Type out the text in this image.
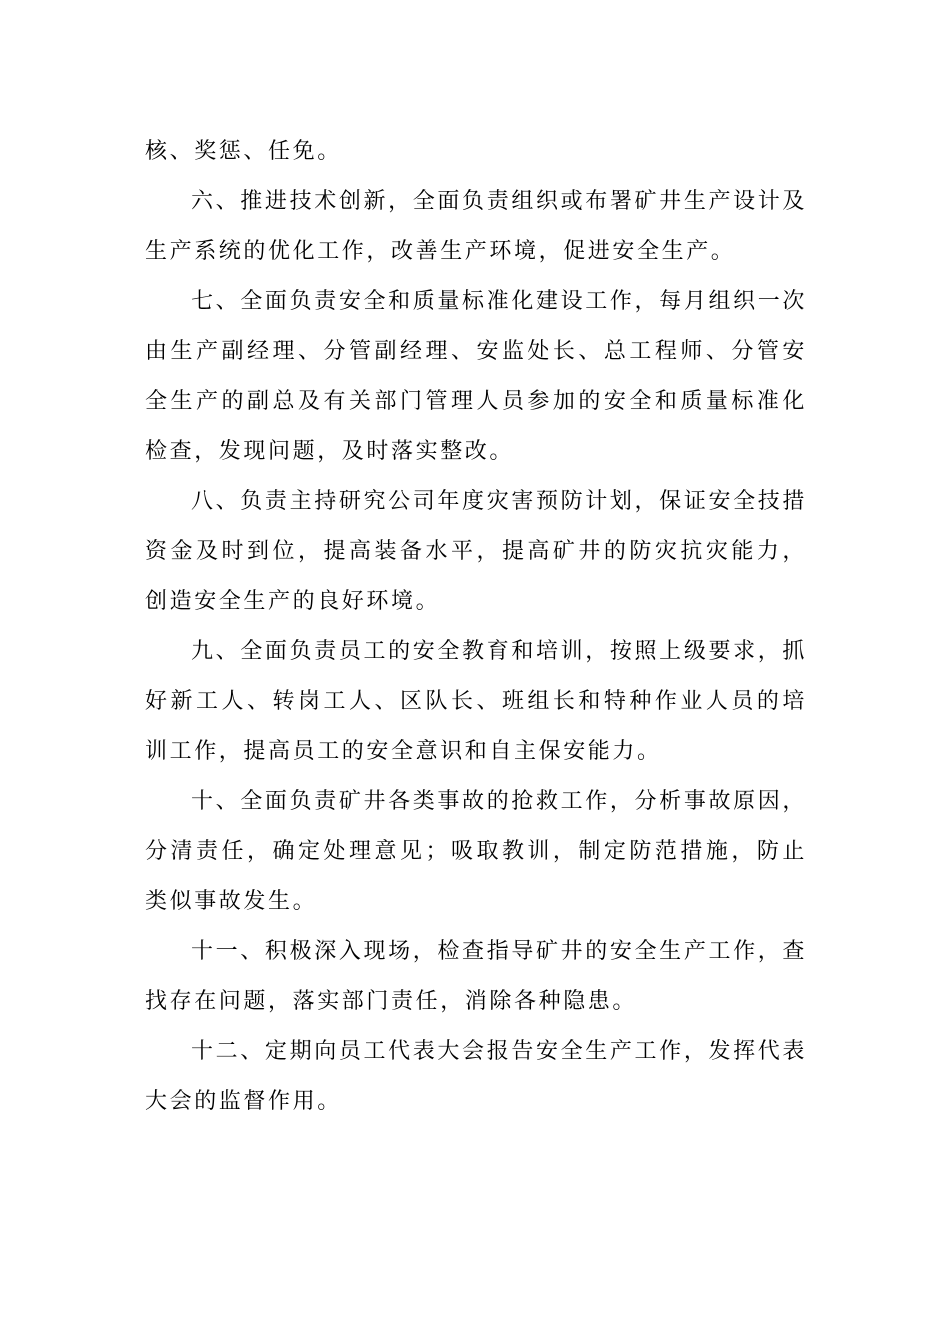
核、奖惩、任免。

六、推进技术创新，全面负责组织或布署矿井生产设计及生产系统的优化工作，改善生产环境，促进安全生产。

七、全面负责安全和质量标准化建设工作，每月组织一次由生产副经理、分管副经理、安监处长、总工程师、分管安全生产的副总及有关部门管理人员参加的安全和质量标准化检查，发现问题，及时落实整改。

八、负责主持研究公司年度灾害预防计划，保证安全技措资金及时到位，提高装备水平，提高矿井的防灾抗灾能力，创造安全生产的良好环境。

九、全面负责员工的安全教育和培训，按照上级要求，抓好新工人、转岗工人、区队长、班组长和特种作业人员的培训工作，提高员工的安全意识和自主保安能力。

十、全面负责矿井各类事故的抢救工作，分析事故原因，分清责任，确定处理意见；吸取教训，制定防范措施，防止类似事故发生。

十一、积极深入现场，检查指导矿井的安全生产工作，查找存在问题，落实部门责任，消除各种隐患。

十二、定期向员工代表大会报告安全生产工作，发挥代表大会的监督作用。
